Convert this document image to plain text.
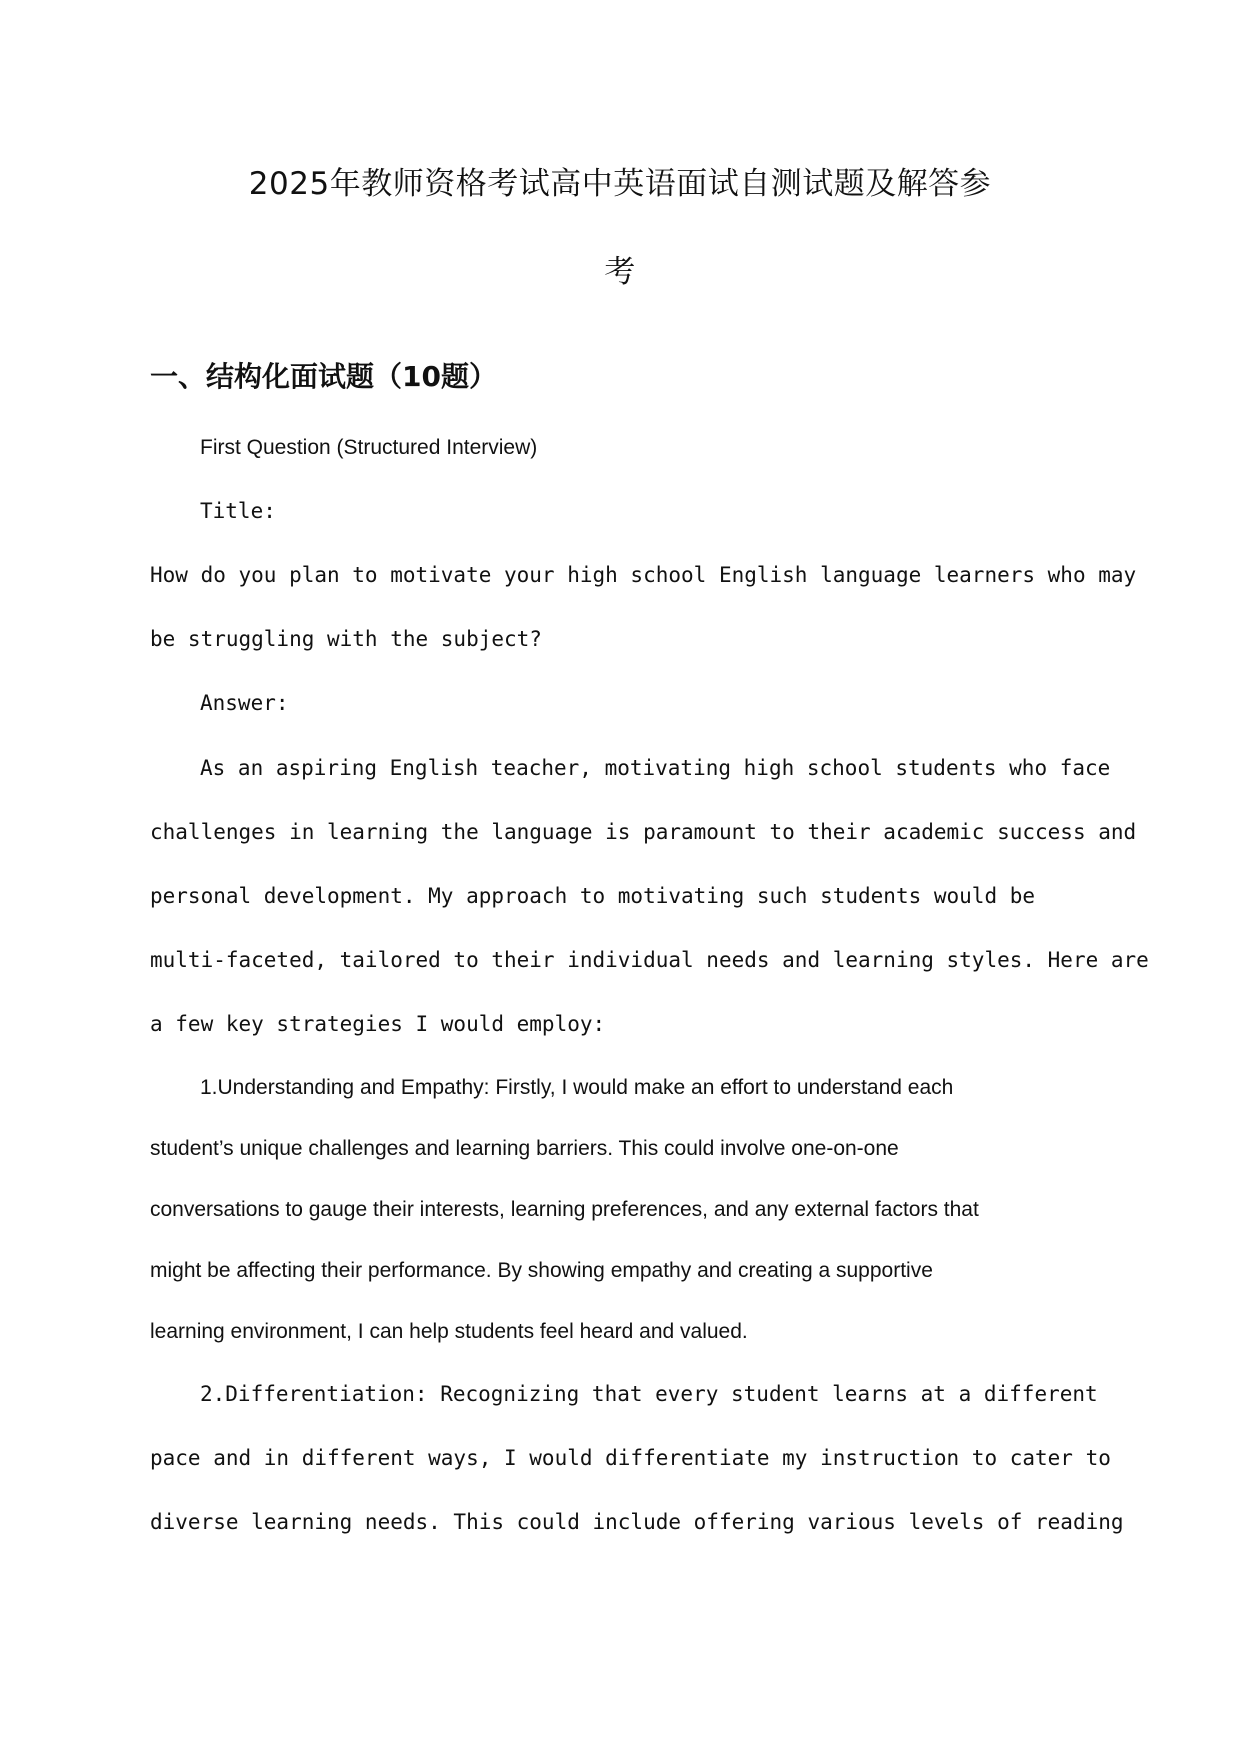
2025年教师资格考试高中英语面试自测试题及解答参
考
一、结构化面试题（10题）
First Question (Structured Interview)
Title:
How do you plan to motivate your high school English language learners who may
be struggling with the subject?
Answer:
As an aspiring English teacher, motivating high school students who face
challenges in learning the language is paramount to their academic success and
personal development. My approach to motivating such students would be
multi-faceted, tailored to their individual needs and learning styles. Here are
a few key strategies I would employ:
1.Understanding and Empathy: Firstly, I would make an effort to understand each
student’s unique challenges and learning barriers. This could involve one-on-one
conversations to gauge their interests, learning preferences, and any external factors that
might be affecting their performance. By showing empathy and creating a supportive
learning environment, I can help students feel heard and valued.
2.Differentiation: Recognizing that every student learns at a different
pace and in different ways, I would differentiate my instruction to cater to
diverse learning needs. This could include offering various levels of reading
